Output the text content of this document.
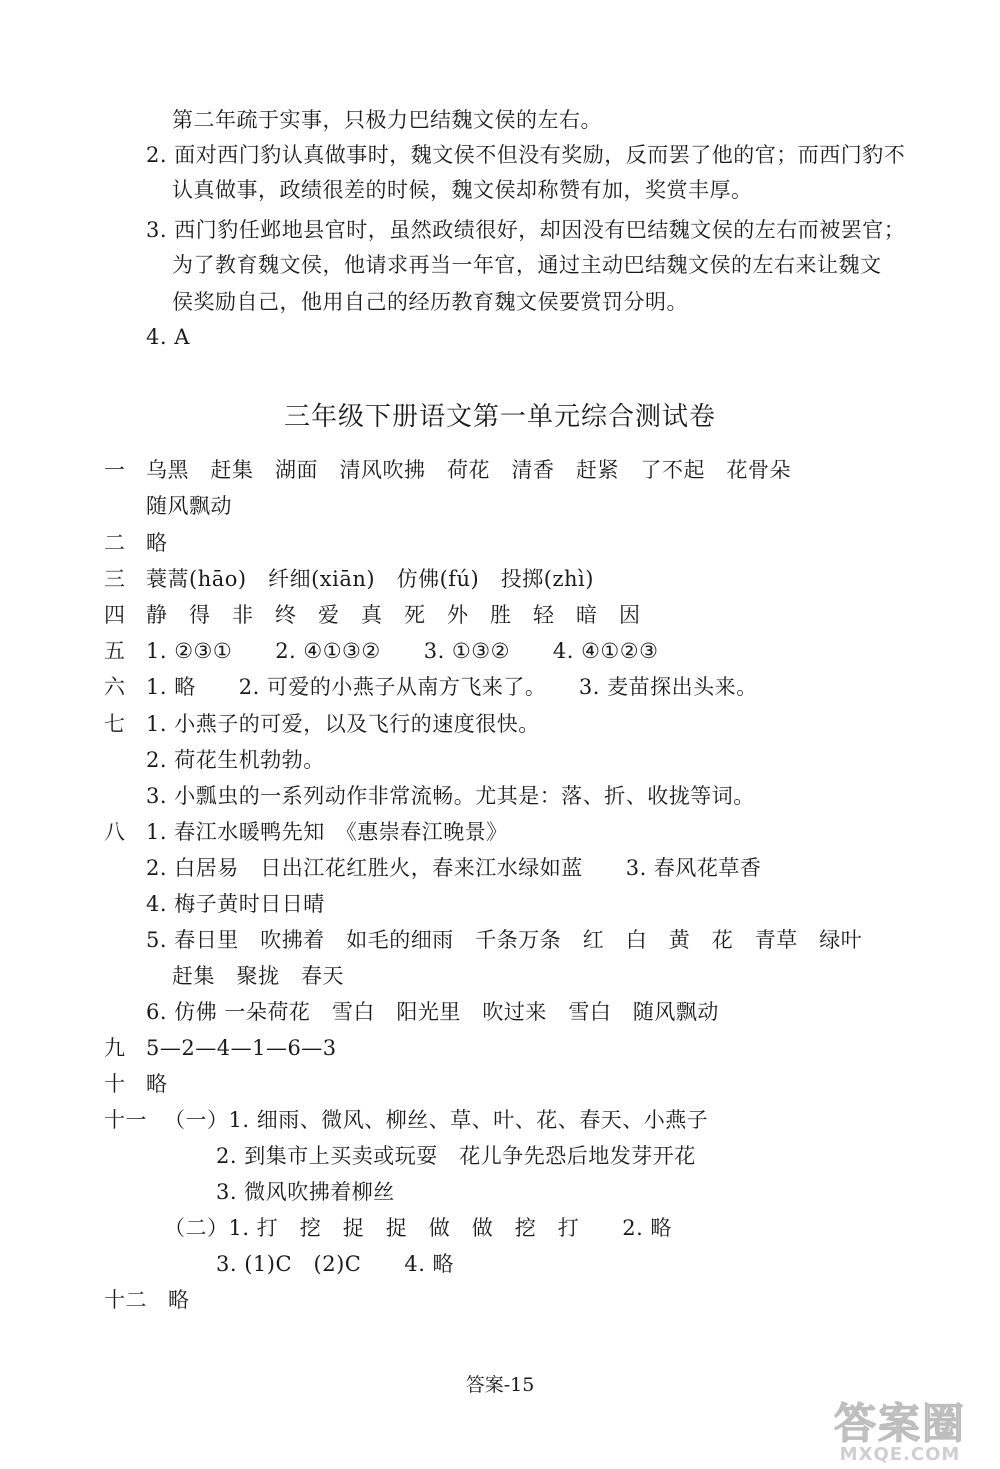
第二年疏于实事，只极力巴结魏文侯的左右。
2. 面对西门豹认真做事时，魏文侯不但没有奖励，反而罢了他的官；而西门豹不
认真做事，政绩很差的时候，魏文侯却称赞有加，奖赏丰厚。
3. 西门豹任邺地县官时，虽然政绩很好，却因没有巴结魏文侯的左右而被罢官；
为了教育魏文侯，他请求再当一年官，通过主动巴结魏文侯的左右来让魏文
侯奖励自己，他用自己的经历教育魏文侯要赏罚分明。
4. A
三年级下册语文第一单元综合测试卷
一 乌黑　赶集　湖面　清风吹拂　荷花　清香　赶紧　了不起　花骨朵
随风飘动
二 略
三 蓑蒿(hāo)　纤细(xiān)　仿佛(fú)　投掷(zhì)
四 静　得　非　终　爱　真　死　外　胜　轻　暗　因
五 1. ②③①　　2. ④①③②　　3. ①③②　　4. ④①②③
六 1. 略　　2. 可爱的小燕子从南方飞来了。　　3. 麦苗探出头来。
七 1. 小燕子的可爱，以及飞行的速度很快。
2. 荷花生机勃勃。
3. 小瓢虫的一系列动作非常流畅。尤其是：落、折、收拢等词。
八 1. 春江水暖鸭先知　《惠崇春江晚景》
2. 白居易　日出江花红胜火，春来江水绿如蓝　　3. 春风花草香
4. 梅子黄时日日晴
5. 春日里　吹拂着　如毛的细雨　千条万条　红　白　黄　花　青草　绿叶
赶集　聚拢　春天
6. 仿佛 一朵荷花　雪白　阳光里　吹过来　雪白　随风飘动
九 5—2—4—1—6—3
十 略
十一 （一）1. 细雨、微风、柳丝、草、叶、花、春天、小燕子
2. 到集市上买卖或玩耍　花儿争先恐后地发芽开花
3. 微风吹拂着柳丝
（二）1. 打　挖　捉　捉　做　做　挖　打　　2. 略
3. (1)C　(2)C　　4. 略
十二 略
答案-15
答案圈
MXQE.COM
